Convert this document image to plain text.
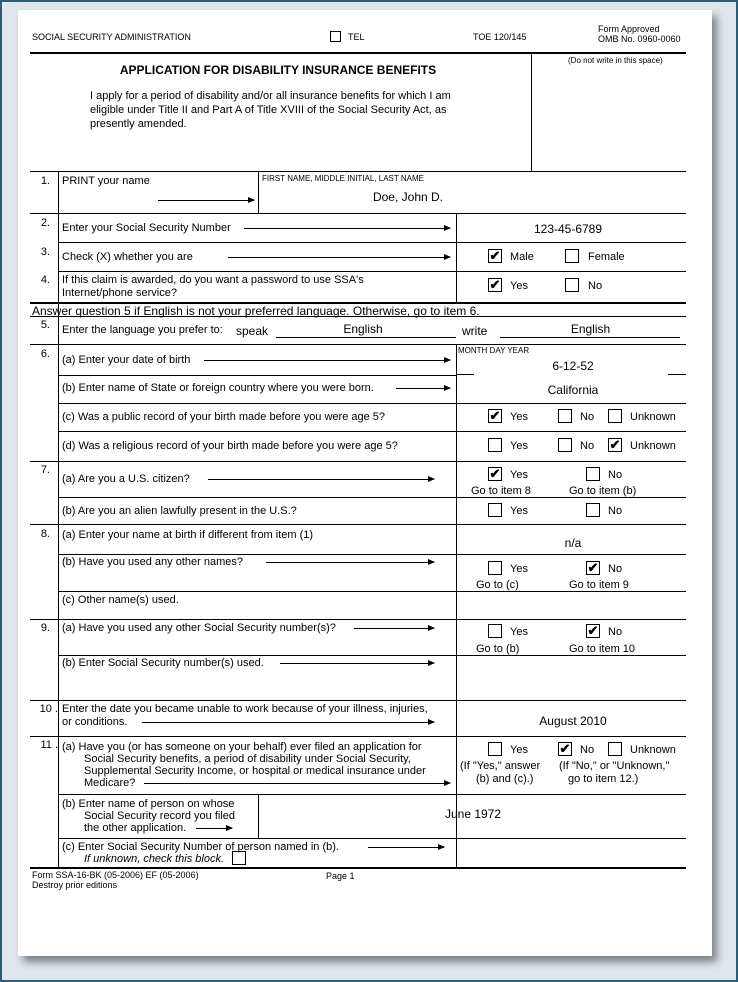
SOCIAL SECURITY ADMINISTRATION	TEL	TOE 120/145
Form Approved
OMB No. 0960-0060
(Do not write in this space)
APPLICATION FOR DISABILITY INSURANCE BENEFITS
I apply for a period of disability and/or all insurance benefits for which I am
eligible under Title II and Part A of Title XVIII of the Social Security Act, as
presently amended.
1. PRINT your name	FIRST NAME, MIDDLE INITIAL, LAST NAME
Doe, John D.
2. Enter your Social Security Number	123-45-6789
3. Check (X) whether you are	✔ Male	Female
4. If this claim is awarded, do you want a password to use SSA's
Internet/phone service?
✔ Yes	No
Answer question 5 if English is not your preferred language. Otherwise, go to item 6.
5. Enter the language you prefer to: speak	English	write	English
6. (a) Enter your date of birth
MONTH DAY YEAR
6-12-52
(b) Enter name of State or foreign country where you were born.	California
(c) Was a public record of your birth made before you were age 5?	✔ Yes	No	Unknown
(d) Was a religious record of your birth made before you were age 5?	Yes	No ✔ Unknown
7.
(a) Are you a U.S. citizen?	✔ Yes	No
Go to item 8	Go to item (b)
(b) Are you an alien lawfully present in the U.S.?	Yes	No
8. (a) Enter your name at birth if different from item (1)
n/a
(b) Have you used any other names?
Yes	✔ No
Go to (c)	Go to item 9
(c) Other name(s) used.
9. (a) Have you used any other Social Security number(s)?	Yes	✔ No
Go to (b)	Go to item 10
(b) Enter Social Security number(s) used.
10 . Enter the date you became unable to work because of your illness, injuries,
or conditions.	August 2010
11 . (a) Have you (or has someone on your behalf) ever filed an application for
Social Security benefits, a period of disability under Social Security,
Supplemental Security Income, or hospital or medical insurance under
Medicare?
Yes ✔ No	Unknown
(If "Yes," answer
(b) and (c).)
(If "No," or "Unknown,"
go to item 12.)
(b) Enter name of person on whose
Social Security record you filed
the other application.
June 1972
(c) Enter Social Security Number of person named in (b).
If unknown, check this block.
Form SSA-16-BK (05-2006) EF (05-2006)
Destroy prior editions
Page 1
